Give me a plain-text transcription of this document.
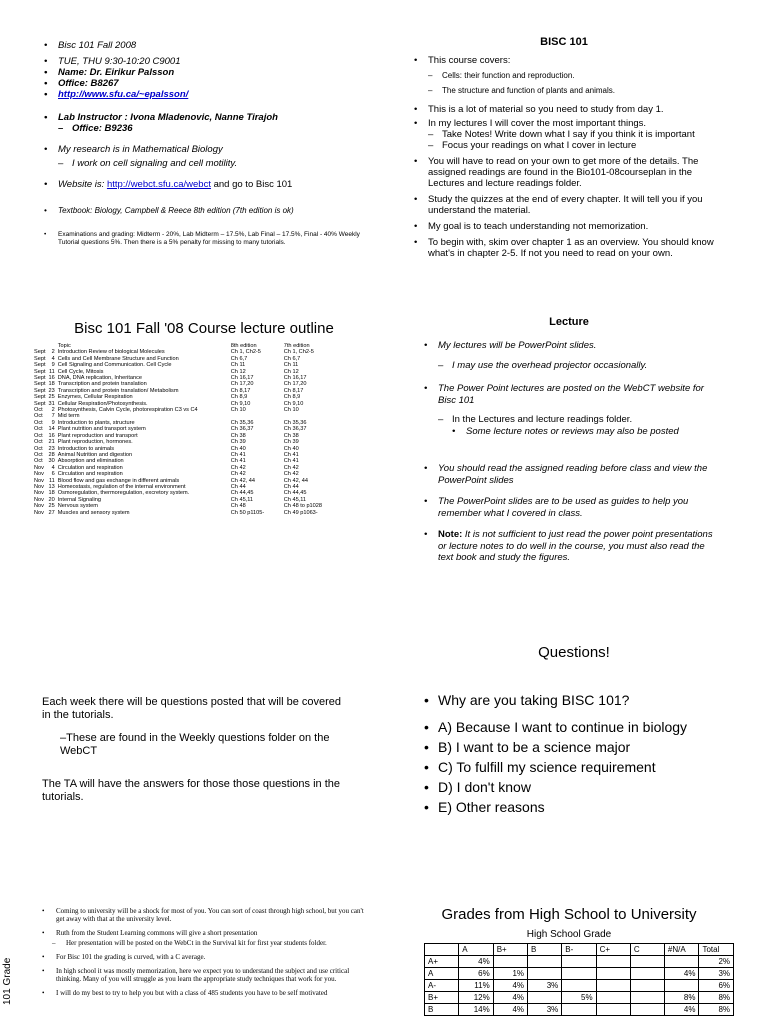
• Bisc 101 Fall 2008
• TUE, THU 9:30-10:20 C9001
• Name: Dr. Eirikur Palsson
• Office: B8267
• http://www.sfu.ca/~epalsson/
• Lab Instructor : Ivona Mladenovic, Nanne Tirajoh
– Office: B9236
• My research is in Mathematical Biology
– I work on cell signaling and cell motility.
• Website is: http://webct.sfu.ca/webct and go to Bisc 101
• Textbook: Biology, Campbell & Reece 8th edition (7th edition is ok)
• Examinations and grading: Midterm - 20%, Lab Midterm – 17.5%, Lab Final – 17.5%, Final - 40% Weekly Tutorial questions 5%. Then there is a 5% penalty for missing to many tutorials.
BISC 101
• This course covers:
– Cells: their function and reproduction.
– The structure and function of plants and animals.
• This is a lot of material so you need to study from day 1.
• In my lectures I will cover the most important things.
– Take Notes! Write down what I say if you think it is important
– Focus your readings on what I cover in lecture
• You will have to read on your own to get more of the details. The assigned readings are found in the Bio101-08courseplan in the Lectures and lecture readings folder.
• Study the quizzes at the end of every chapter. It will tell you if you understand the material.
• My goal is to teach understanding not memorization.
• To begin with, skim over chapter 1 as an overview. You should know what's in chapter 2-5. If not you need to read on your own.
Bisc 101 Fall '08 Course lecture outline
		Topic	8th edition	7th edition
Sept	2	Introduction Review of biological Molecules	Ch 1, Ch2-5	Ch 1, Ch2-5
Sept	4	Cells and Cell Membrane Structure and Function	Ch 6,7	Ch 6,7
Sept	9	Cell Signaling and Communication. Cell Cycle	Ch 11	Ch 11
Sept	11	Cell Cycle, Mitosis	Ch 12	Ch 12
Sept	16	DNA, DNA replication, Inheritance	Ch 16,17	Ch 16,17
Sept	18	Transcription and protein translation	Ch 17,20	Ch 17,20
Sept	23	Transcription and protein translation/ Metabolism	Ch 8,17	Ch 8,17
Sept	25	Enzymes, Cellular Respiration	Ch 8,9	Ch 8,9
Sept	31	Cellular Respiration/Photosynthesis.	Ch 9,10	Ch 9,10
Oct	2	Photosynthesis, Calvin Cycle, photorespiration C3 vs C4	Ch 10	Ch 10
Oct	7	Mid term		
Oct	9	Introduction to plants, structure	Ch 35,36	Ch 35,36
Oct	14	Plant nutrition and transport system	Ch 36,37	Ch 36,37
Oct	16	Plant reproduction and transport	Ch 38	Ch 38
Oct	21	Plant reproduction, hormones.	Ch 39	Ch 39
Oct	23	Introduction to animals	Ch 40	Ch 40
Oct	28	Animal Nutrition and digestion	Ch 41	Ch 41
Oct	30	Absorption and elimination	Ch 41	Ch 41
Nov	4	Circulation and respiration	Ch 42	Ch 42
Nov	6	Circulation and respiration	Ch 42	Ch 42
Nov	11	Blood flow and gas exchange in different animals	Ch 42, 44	Ch 42, 44
Nov	13	Homeostasis, regulation of the internal environment	Ch 44	Ch 44
Nov	18	Osmoregulation, thermoregulation, excretory system.	Ch 44,45	Ch 44,45
Nov	20	Internal Signaling	Ch 45,11	Ch 45,11
Nov	25	Nervous system	Ch 48	Ch 48 to p1028
Nov	27	Muscles and sensory system	Ch 50 p1105-	Ch 49 p1063-
Lecture
• My lectures will be PowerPoint slides.
– I may use the overhead projector occasionally.
• The Power Point lectures are posted on the WebCT website for Bisc 101
– In the Lectures and lecture readings folder.
• Some lecture notes or reviews may also be posted
• You should read the assigned reading before class and view the PowerPoint slides
• The PowerPoint slides are to be used as guides to help you remember what I covered in class.
• Note: It is not sufficient to just read the power point presentations or lecture notes to do well in the course, you must also read the text book and study the figures.
Each week there will be questions posted that will be covered in the tutorials.
–These are found in the Weekly questions folder on the WebCT
The TA will have the answers for those those questions in the tutorials.
Questions!
• Why are you taking BISC 101?
• A) Because I want to continue in biology
• B) I want to be a science major
• C) To fulfill my science requirement
• D) I don't know
• E) Other reasons
• Coming to university will be a shock for most of you. You can sort of coast through high school, but you can't get away with that at the university level.
• Ruth from the Student Learning commons will give a short presentation
– Her presentation will be posted on the WebCt in the Survival kit for first year students folder.
• For Bisc 101 the grading is curved, with a C average.
• In high school it was mostly memorization, here we expect you to understand the subject and use critical thinking. Many of you will struggle as you learn the appropriate study techniques that work for you.
• I will do my best to try to help you but with a class of 485 students you have to be self motivated
Grades from High School to University
High School Grade
	A	B+	B	B-	C+	C	#N/A	Total
A+	4%							2%
A	6%	1%					4%	3%
A-	11%	4%	3%					6%
B+	12%	4%		5%			8%	8%
B	14%	4%	3%				4%	8%
101 Grade
